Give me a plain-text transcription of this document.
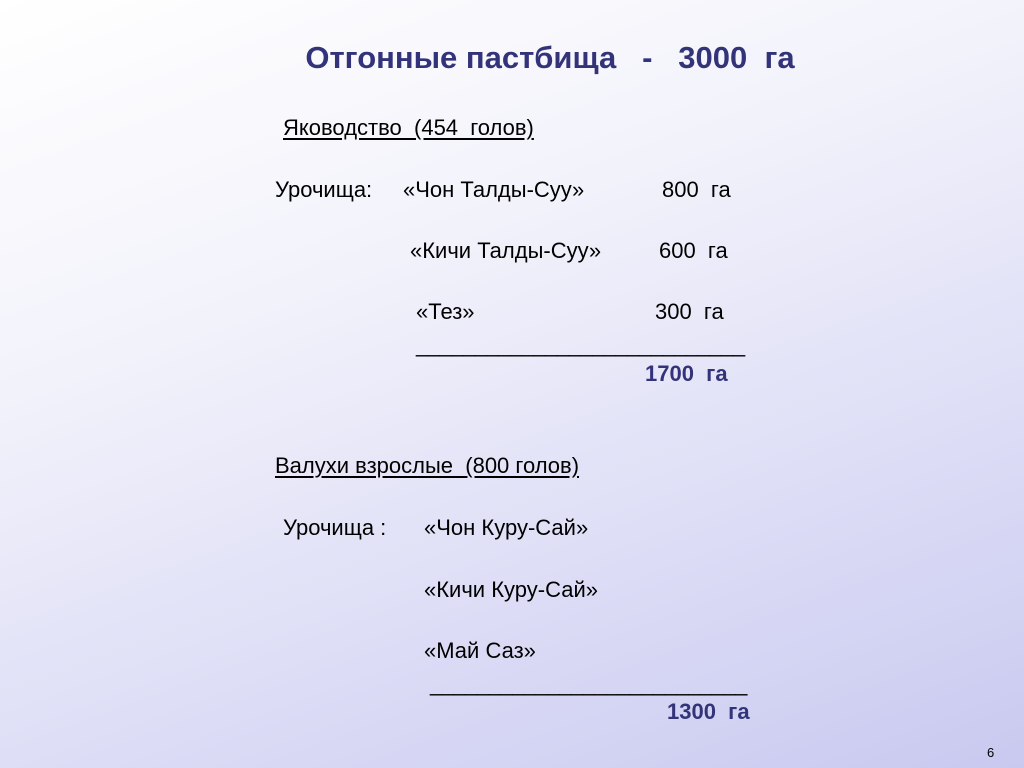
Отгонные пастбища   -   3000  га
Яководство  (454  голов)
Урочища: «Чон Талды-Суу»	800  га
«Кичи Талды-Суу»	600  га
«Тез»	300  га
____________________________
1700  га
Валухи взрослые  (800 голов)
Урочища : «Чон Куру-Сай»
«Кичи Куру-Сай»
«Май Саз»
___________________________
1300  га
6
